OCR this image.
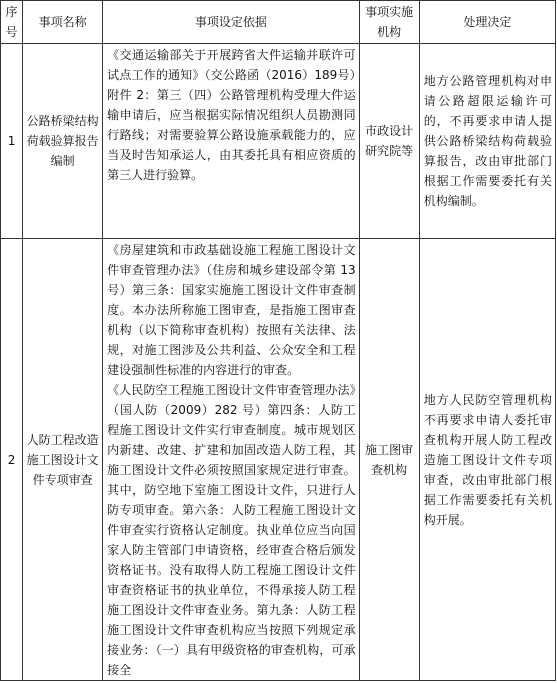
序号	事项名称	事项设定依据	事项实施机构	处理决定
1	公路桥梁结构荷载验算报告编制	《交通运输部关于开展跨省大件运输并联许可试点工作的通知》（交公路函（2016）189号）附件 2：第三（四）公路管理机构受理大件运输申请后，应当根据实际情况组织人员勘测同行路线；对需要验算公路设施承载能力的，应当及时告知承运人，由其委托具有相应资质的第三人进行验算。	市政设计研究院等	地方公路管理机构对申请公路超限运输许可的，不再要求申请人提供公路桥梁结构荷载验算报告，改由审批部门根据工作需要委托有关机构编制。

2	人防工程改造施工图设计文件专项审查	《房屋建筑和市政基础设施工程施工图设计文件审查管理办法》（住房和城乡建设部令第 13 号）第三条：国家实施施工图设计文件审查制度。本办法所称施工图审查，是指施工图审查机构（以下简称审查机构）按照有关法律、法规，对施工图涉及公共利益、公众安全和工程建设强制性标准的内容进行的审查。
《人民防空工程施工图设计文件审查管理办法》（国人防（2009）282 号）第四条：人防工程施工图设计文件实行审查制度。城市规划区内新建、改建、扩建和加固改造人防工程，其施工图设计文件必须按照国家规定进行审查。其中，防空地下室施工图设计文件，只进行人防专项审查。第六条：人防工程施工图设计文件审查实行资格认定制度。执业单位应当向国家人防主管部门申请资格，经审查合格后颁发资格证书。没有取得人防工程施工图设计文件审查资格证书的执业单位，不得承接人防工程施工图设计文件审查业务。第九条：人防工程施工图设计文件审查机构应当按照下列规定承接业务：（一）具有甲级资格的审查机构，可承接全	施工图审查机构	地方人民防空管理机构不再要求申请人委托审查机构开展人防工程改造施工图设计文件专项审查，改由审批部门根据工作需要委托有关机构开展。
